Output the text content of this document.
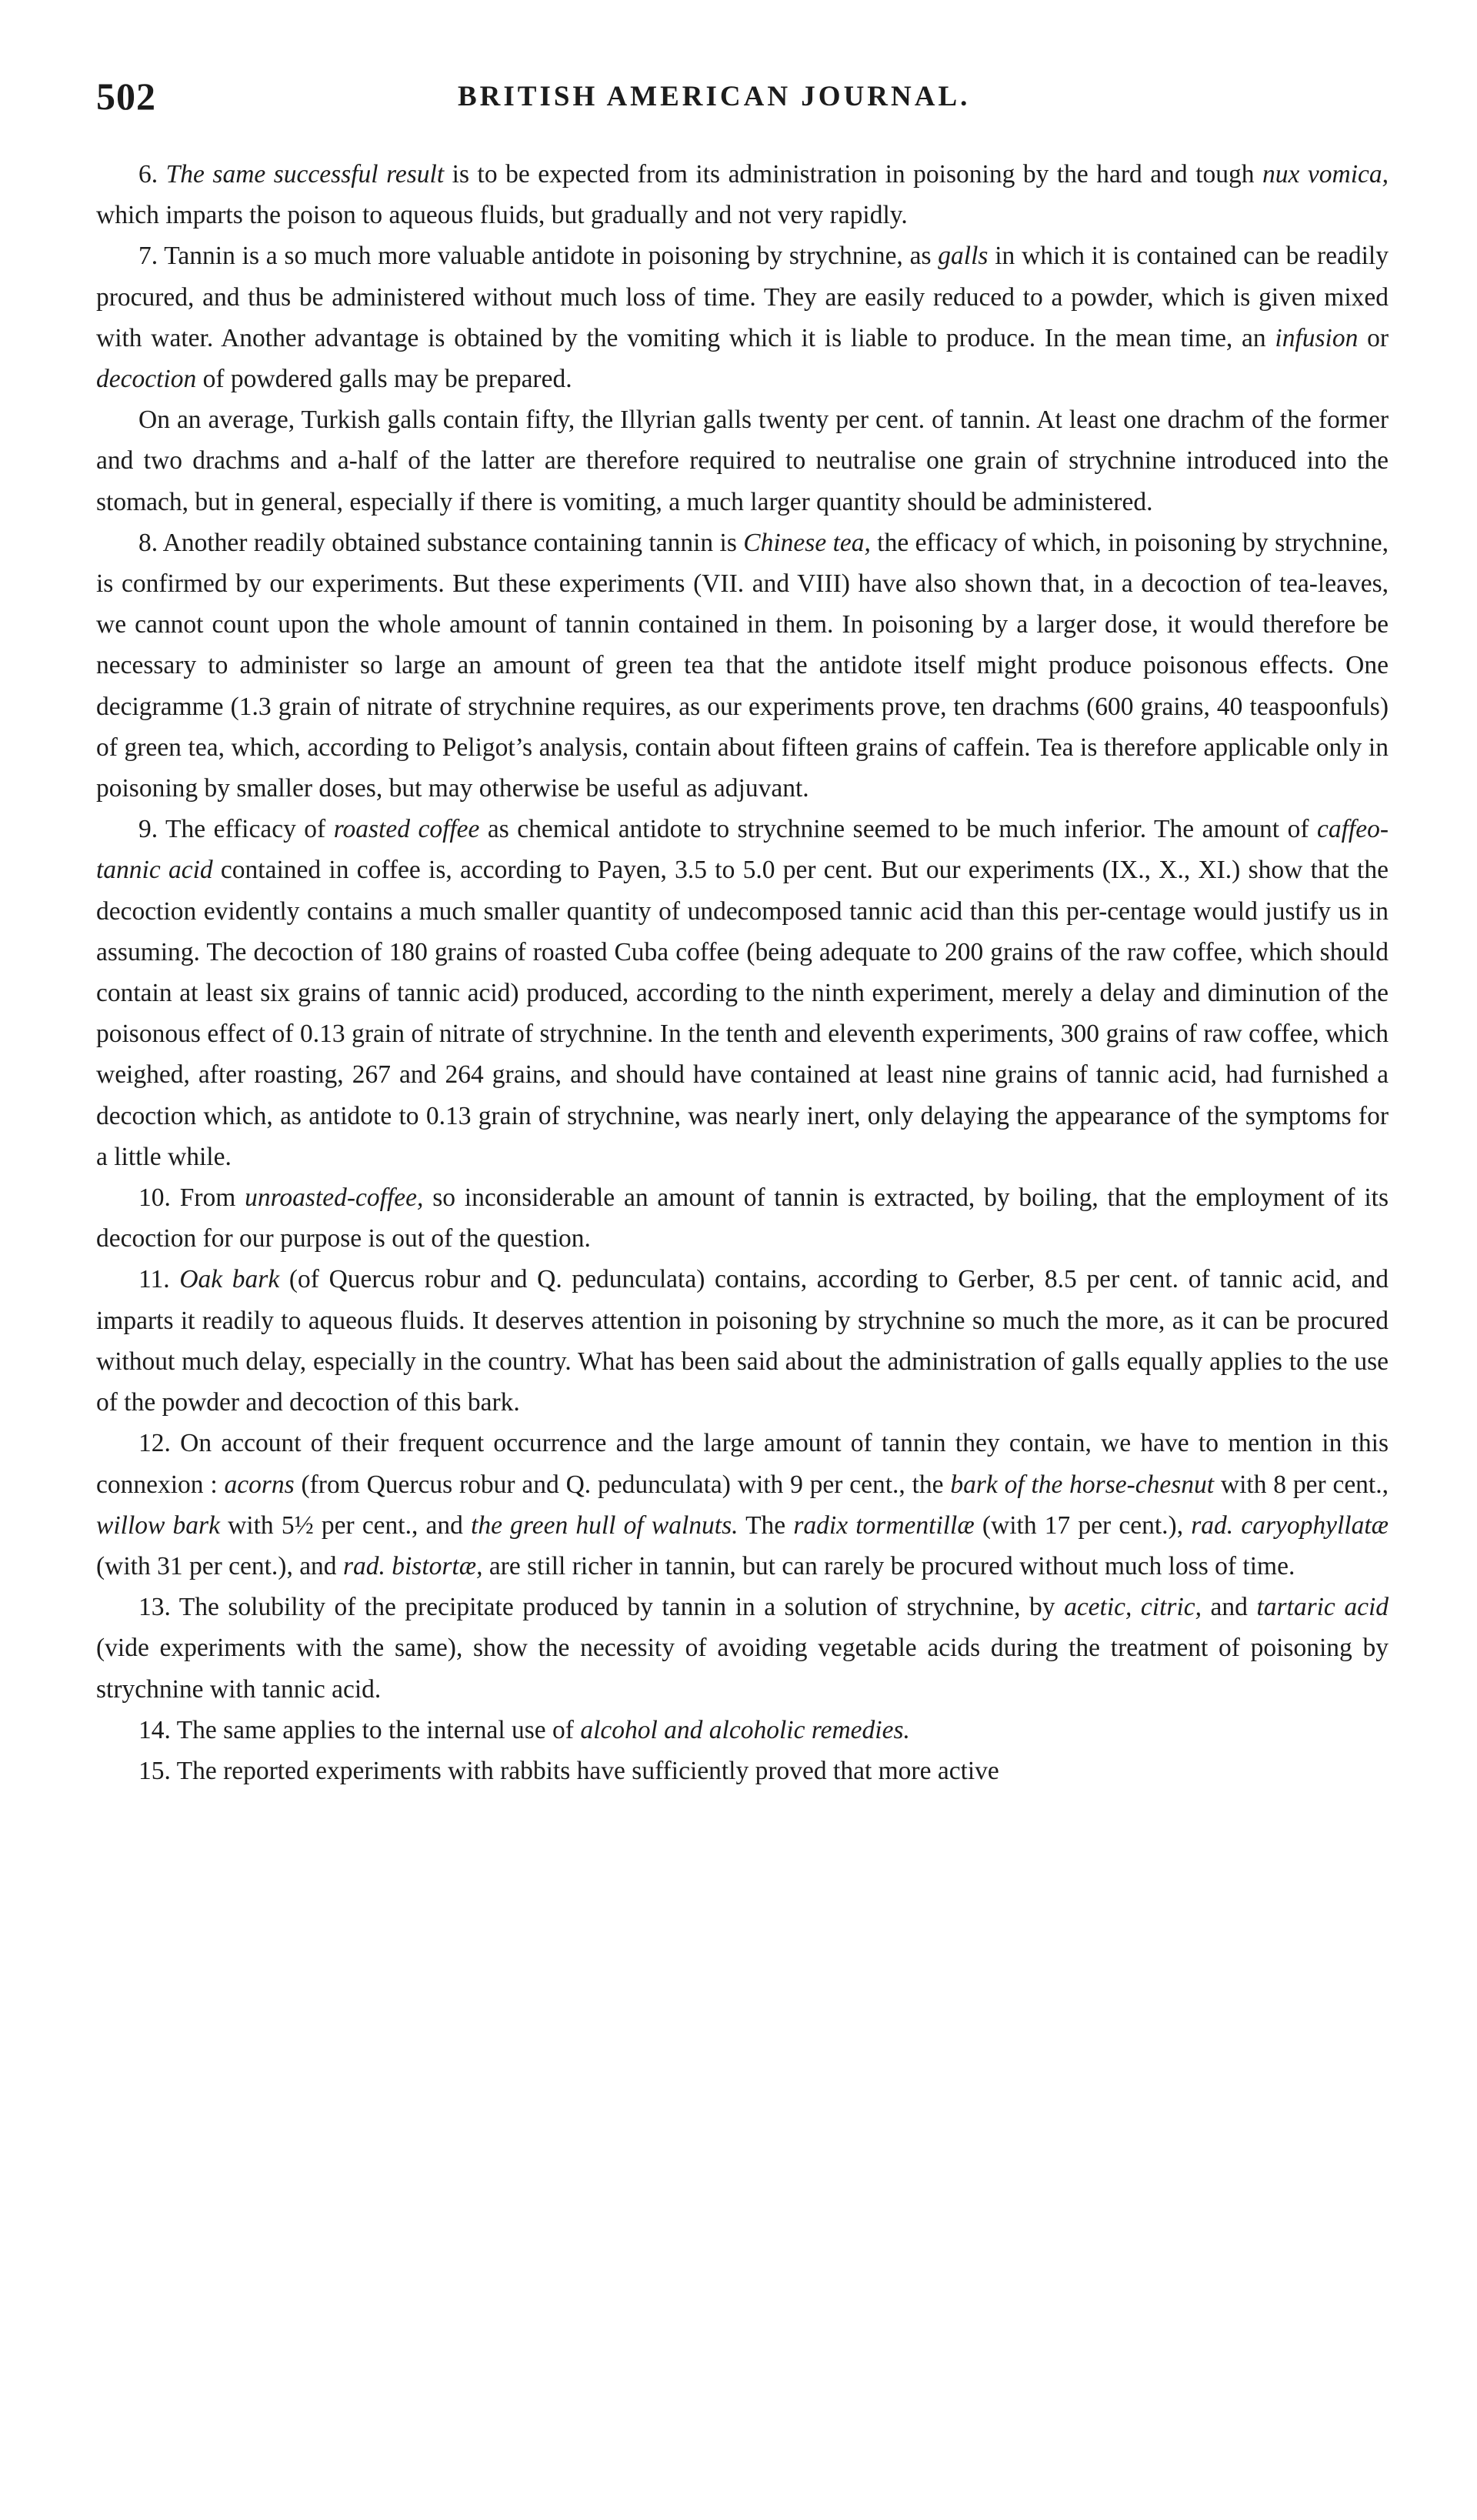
502	BRITISH AMERICAN JOURNAL.

6. The same successful result is to be expected from its administration in poisoning by the hard and tough nux vomica, which imparts the poison to aqueous fluids, but gradually and not very rapidly.

7. Tannin is a so much more valuable antidote in poisoning by strychnine, as galls in which it is contained can be readily procured, and thus be administered without much loss of time. They are easily reduced to a powder, which is given mixed with water. Another advantage is obtained by the vomiting which it is liable to produce. In the mean time, an infusion or decoction of powdered galls may be prepared.

On an average, Turkish galls contain fifty, the Illyrian galls twenty per cent. of tannin. At least one drachm of the former and two drachms and a-half of the latter are therefore required to neutralise one grain of strychnine introduced into the stomach, but in general, especially if there is vomiting, a much larger quantity should be administered.

8. Another readily obtained substance containing tannin is Chinese tea, the efficacy of which, in poisoning by strychnine, is confirmed by our experiments. But these experiments (VII. and VIII) have also shown that, in a decoction of tea-leaves, we cannot count upon the whole amount of tannin contained in them. In poisoning by a larger dose, it would therefore be necessary to administer so large an amount of green tea that the antidote itself might produce poisonous effects. One decigramme (1.3 grain of nitrate of strychnine requires, as our experiments prove, ten drachms (600 grains, 40 teaspoonfuls) of green tea, which, according to Peligot’s analysis, contain about fifteen grains of caffein. Tea is therefore applicable only in poisoning by smaller doses, but may otherwise be useful as adjuvant.

9. The efficacy of roasted coffee as chemical antidote to strychnine seemed to be much inferior. The amount of caffeo-tannic acid contained in coffee is, according to Payen, 3.5 to 5.0 per cent. But our experiments (IX., X., XI.) show that the decoction evidently contains a much smaller quantity of undecomposed tannic acid than this per-centage would justify us in assuming. The decoction of 180 grains of roasted Cuba coffee (being adequate to 200 grains of the raw coffee, which should contain at least six grains of tannic acid) produced, according to the ninth experiment, merely a delay and diminution of the poisonous effect of 0.13 grain of nitrate of strychnine. In the tenth and eleventh experiments, 300 grains of raw coffee, which weighed, after roasting, 267 and 264 grains, and should have contained at least nine grains of tannic acid, had furnished a decoction which, as antidote to 0.13 grain of strychnine, was nearly inert, only delaying the appearance of the symptoms for a little while.

10. From unroasted-coffee, so inconsiderable an amount of tannin is extracted, by boiling, that the employment of its decoction for our purpose is out of the question.

11. Oak bark (of Quercus robur and Q. pedunculata) contains, according to Gerber, 8.5 per cent. of tannic acid, and imparts it readily to aqueous fluids. It deserves attention in poisoning by strychnine so much the more, as it can be procured without much delay, especially in the country. What has been said about the administration of galls equally applies to the use of the powder and decoction of this bark.

12. On account of their frequent occurrence and the large amount of tannin they contain, we have to mention in this connexion : acorns (from Quercus robur and Q. pedunculata) with 9 per cent., the bark of the horse-chesnut with 8 per cent., willow bark with 5½ per cent., and the green hull of walnuts. The radix tormentillæ (with 17 per cent.), rad. caryophyllatæ (with 31 per cent.), and rad. bistortæ, are still richer in tannin, but can rarely be procured without much loss of time.

13. The solubility of the precipitate produced by tannin in a solution of strychnine, by acetic, citric, and tartaric acid (vide experiments with the same), show the necessity of avoiding vegetable acids during the treatment of poisoning by strychnine with tannic acid.

14. The same applies to the internal use of alcohol and alcoholic remedies.

15. The reported experiments with rabbits have sufficiently proved that more active
